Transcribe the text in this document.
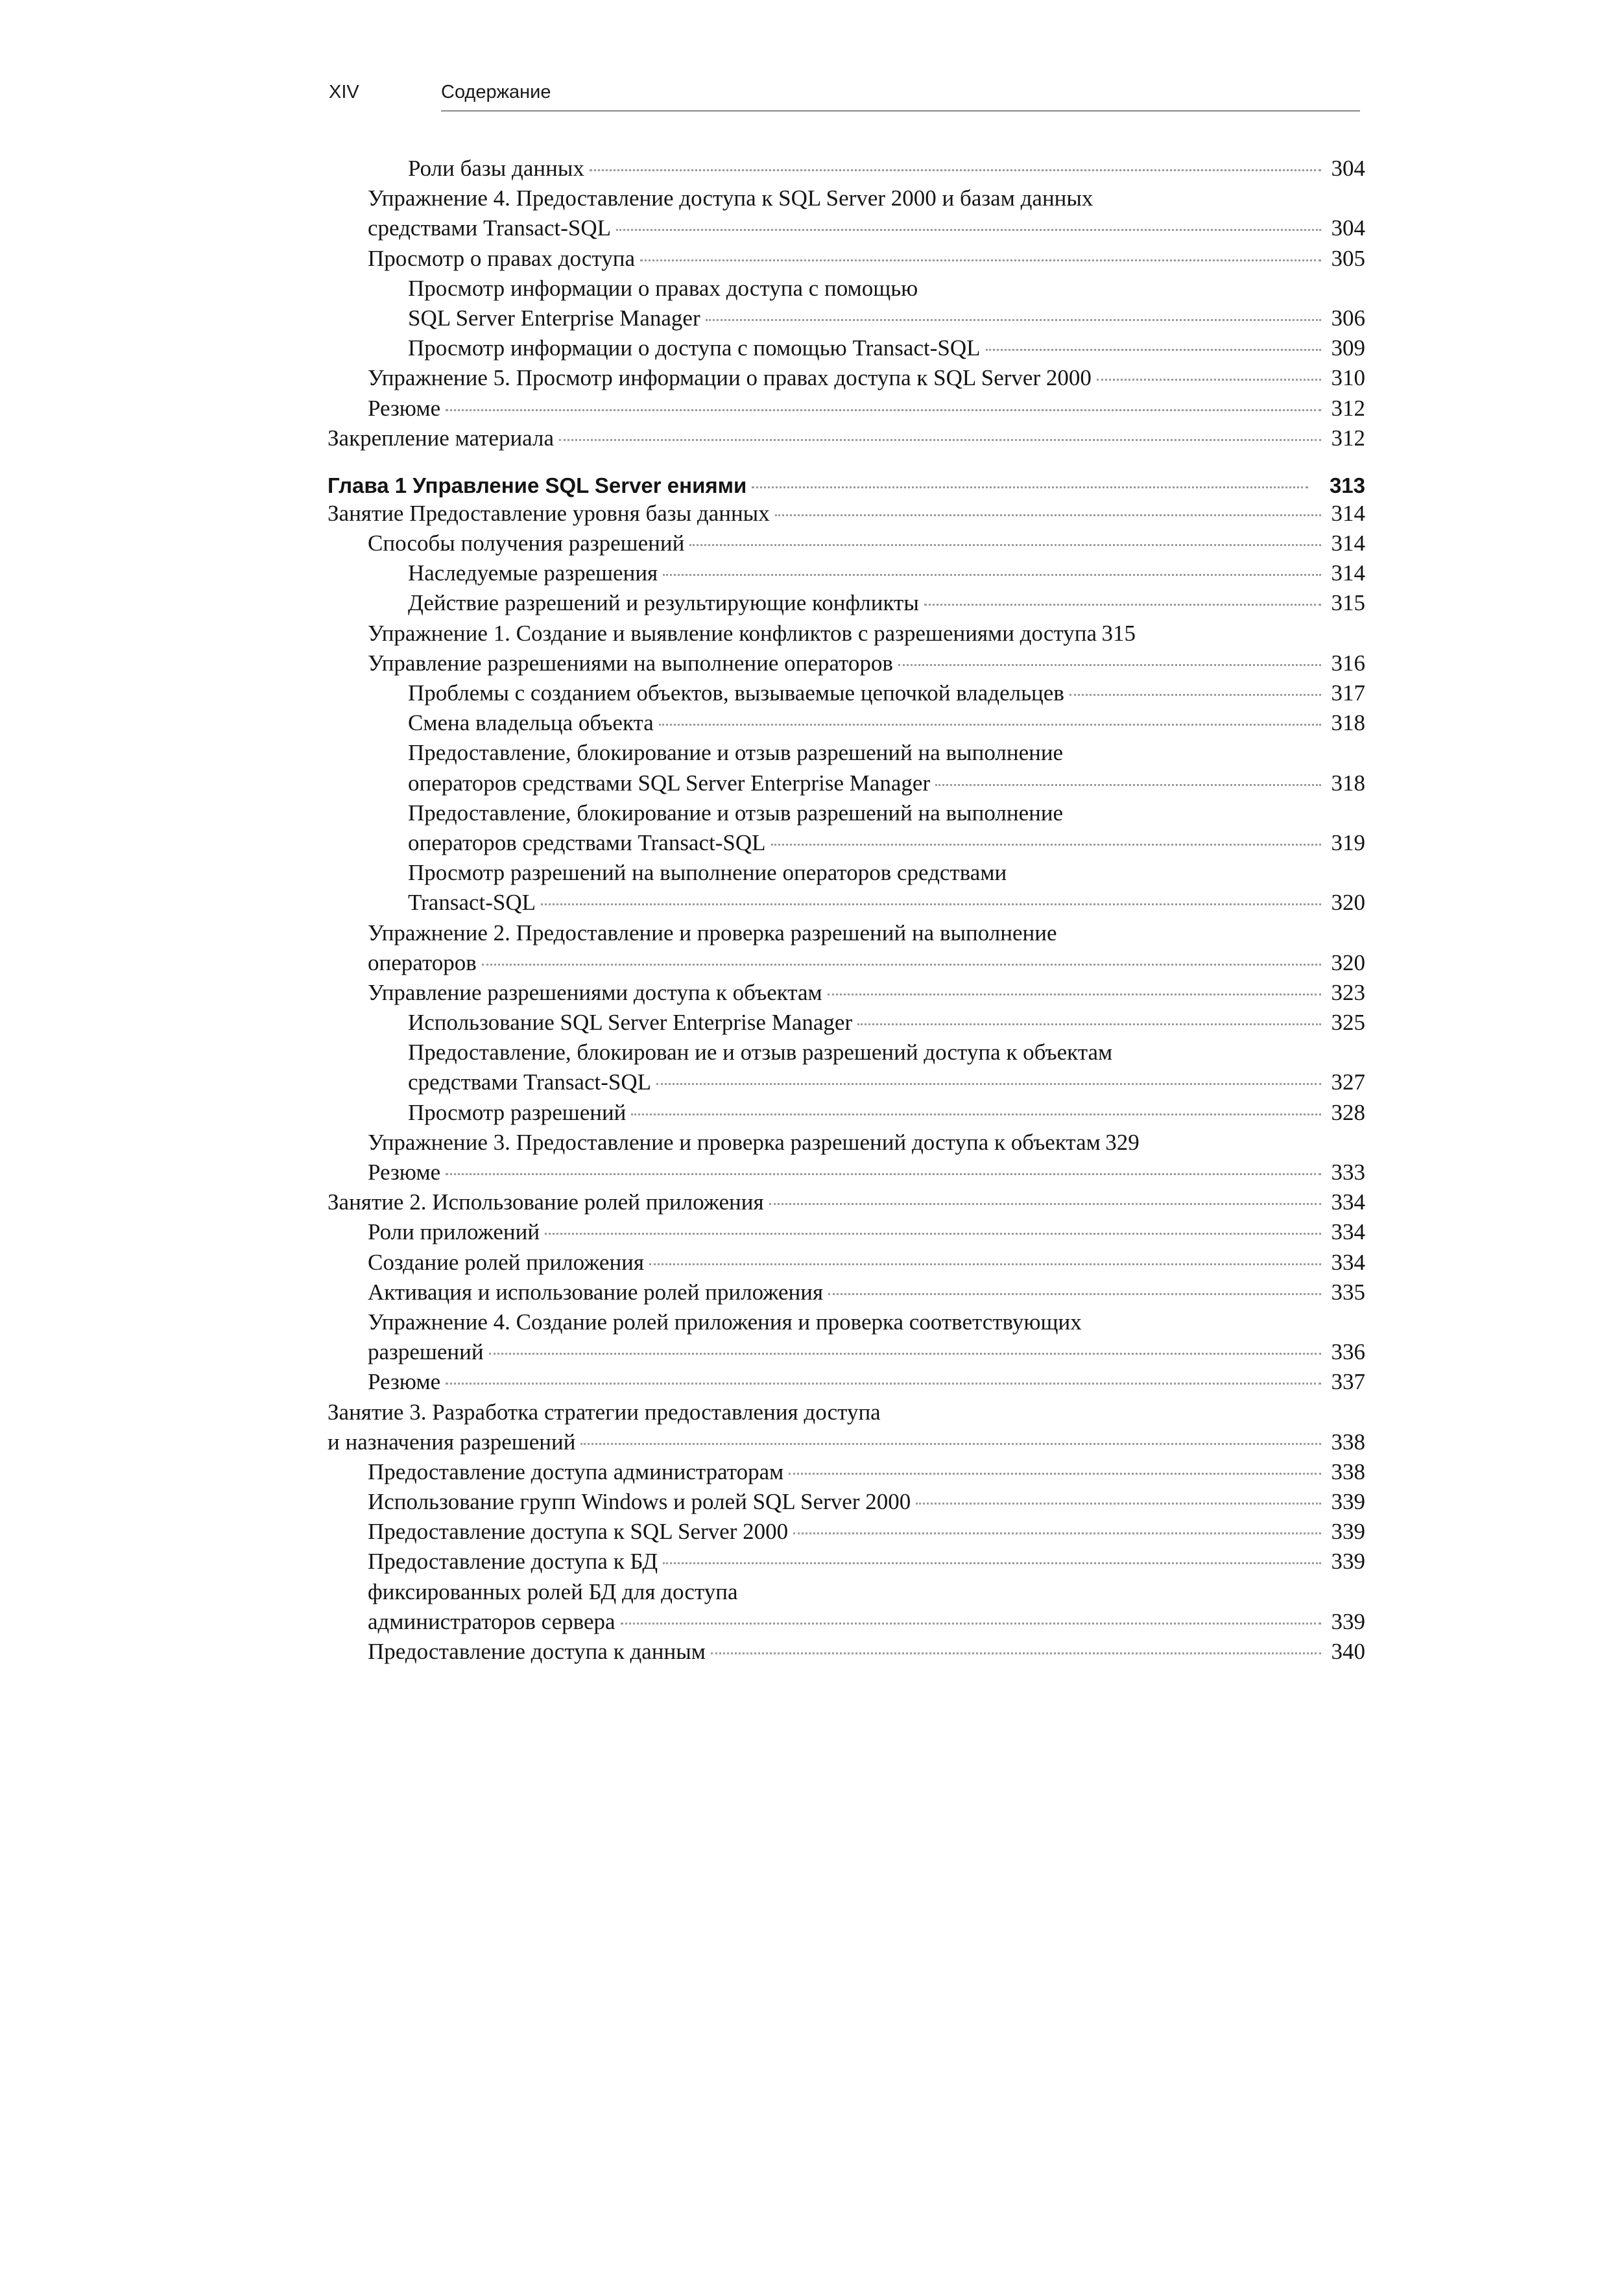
XIV	Содержание
Роли базы данных	304
Упражнение 4. Предоставление доступа к SQL Server 2000 и базам данных
средствами Transact-SQL	304
Просмотр о правах доступа	305
Просмотр информации о правах доступа с помощью
SQL Server Enterprise Manager	306
Просмотр информации о доступа с помощью Transact-SQL	309
Упражнение 5. Просмотр информации о правах доступа к SQL Server 2000	310
Резюме	312
Закрепление материала	312
Глава 1 Управление SQL Server ениями	313
Занятие Предоставление уровня базы данных	314
Способы получения разрешений	314
Наследуемые разрешения	314
Действие разрешений и результирующие конфликты	315
Упражнение 1. Создание и выявление конфликтов с разрешениями доступа 315
Управление разрешениями на выполнение операторов	316
Проблемы с созданием объектов, вызываемые цепочкой владельцев	317
Смена владельца объекта	318
Предоставление, блокирование и отзыв разрешений на выполнение
операторов средствами SQL Server Enterprise Manager	318
Предоставление, блокирование и отзыв разрешений на выполнение
операторов средствами Transact-SQL	319
Просмотр разрешений на выполнение операторов средствами
Transact-SQL	320
Упражнение 2. Предоставление и проверка разрешений на выполнение
операторов	320
Управление разрешениями доступа к объектам	323
Использование SQL Server Enterprise Manager	325
Предоставление, блокирован ие и отзыв разрешений доступа к объектам
средствами Transact-SQL	327
Просмотр разрешений	328
Упражнение 3. Предоставление и проверка разрешений доступа к объектам 329
Резюме	333
Занятие 2. Использование ролей приложения	334
Роли приложений	334
Создание ролей приложения	334
Активация и использование ролей приложения	335
Упражнение 4. Создание ролей приложения и проверка соответствующих
разрешений	336
Резюме	337
Занятие 3. Разработка стратегии предоставления доступа
и назначения разрешений	338
Предоставление доступа администраторам	338
Использование групп Windows и ролей SQL Server 2000	339
Предоставление доступа к SQL Server 2000	339
Предоставление доступа к БД	339
фиксированных ролей БД для доступа
администраторов сервера	339
Предоставление доступа к данным	340
